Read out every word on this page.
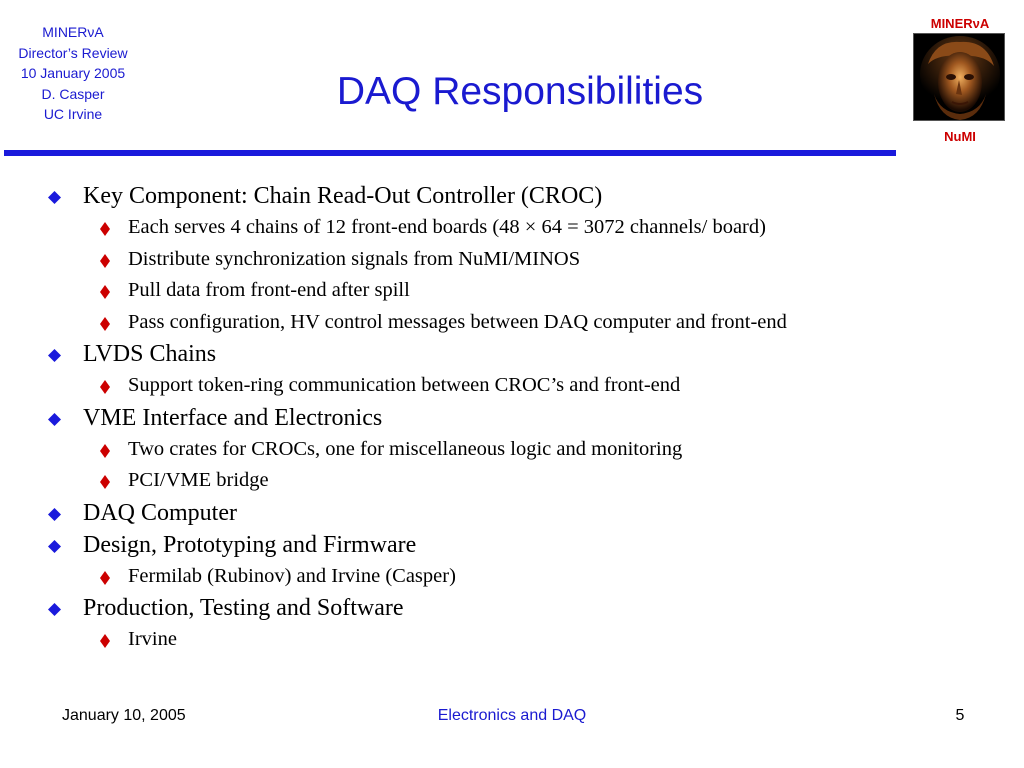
MINERνA
Director’s Review
10 January 2005
D. Casper
UC Irvine
DAQ Responsibilities
MINERνA
NuMI
Key Component: Chain Read-Out Controller (CROC)
Each serves 4 chains of 12 front-end boards (48 × 64 = 3072 channels/ board)
Distribute synchronization signals from NuMI/MINOS
Pull data from front-end after spill
Pass configuration, HV control messages between DAQ computer and front-end
LVDS Chains
Support token-ring communication between CROC’s and front-end
VME Interface and Electronics
Two crates for CROCs, one for miscellaneous logic and monitoring
PCI/VME bridge
DAQ Computer
Design, Prototyping and Firmware
Fermilab (Rubinov) and Irvine (Casper)
Production, Testing and Software
Irvine
January 10, 2005	Electronics and DAQ	5
